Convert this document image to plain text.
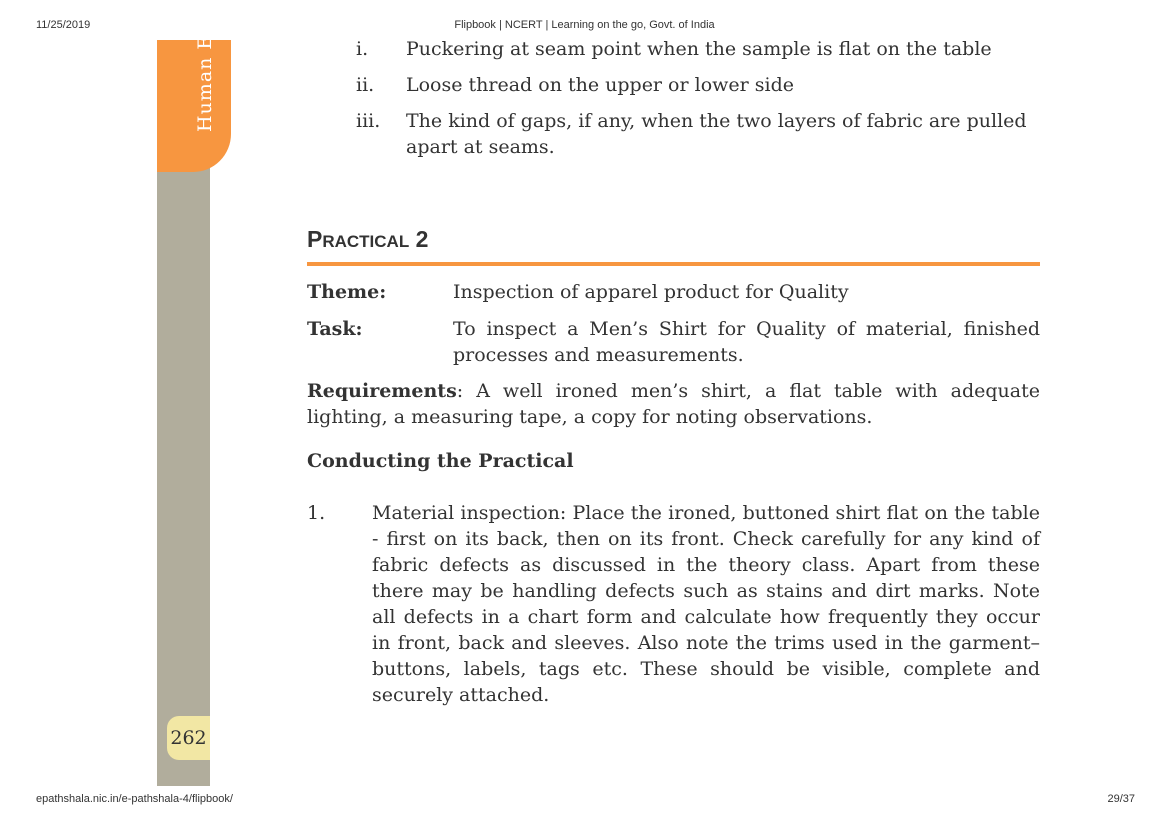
11/25/2019	Flipbook | NCERT | Learning on the go, Govt. of India
Human E
262
i. Puckering at seam point when the sample is flat on the table
ii. Loose thread on the upper or lower side
iii. The kind of gaps, if any, when the two layers of fabric are pulled apart at seams.
PRACTICAL 2
Theme:	Inspection of apparel product for Quality
Task:	To inspect a Men’s Shirt for Quality of material, finished processes and measurements.
Requirements: A well ironed men’s shirt, a flat table with adequate lighting, a measuring tape, a copy for noting observations.
Conducting the Practical
1. Material inspection: Place the ironed, buttoned shirt flat on the table - first on its back, then on its front. Check carefully for any kind of fabric defects as discussed in the theory class. Apart from these there may be handling defects such as stains and dirt marks. Note all defects in a chart form and calculate how frequently they occur in front, back and sleeves. Also note the trims used in the garment– buttons, labels, tags etc. These should be visible, complete and securely attached.
epathshala.nic.in/e-pathshala-4/flipbook/	29/37
